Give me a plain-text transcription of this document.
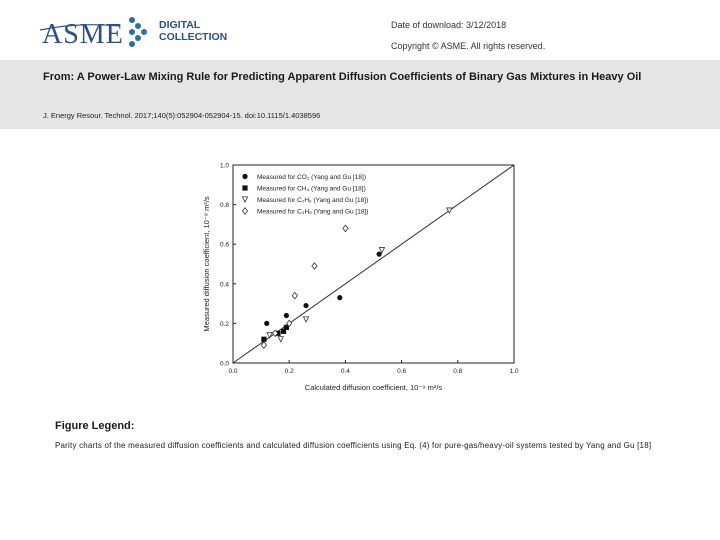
ASME	DIGITAL
COLLECTION
Date of download: 3/12/2018
Copyright © ASME. All rights reserved.
From: A Power-Law Mixing Rule for Predicting Apparent Diffusion Coefficients of Binary Gas Mixtures in Heavy Oil
J. Energy Resour. Technol. 2017;140(5):052904-052904-15. doi:10.1115/1.4038596
0.0	0.2	0.4	0.6	0.8	1.0
0.0
0.2
0.4
0.6
0.8
1.0
Calculated diffusion coefficient, 10⁻⁹ m²/s
Measured diffusion coefficient, 10⁻⁹ m²/s
Measured for CO₂ (Yang and Gu [18])
Measured for CH₄ (Yang and Gu [18])
Measured for C₂H₆ (Yang and Gu [18])
Measured for C₃H₈ (Yang and Gu [18])
Figure Legend:
Parity charts of the measured diffusion coefficients and calculated diffusion coefficients using Eq. (4) for pure-gas/heavy-oil systems tested by Yang and Gu [18]
